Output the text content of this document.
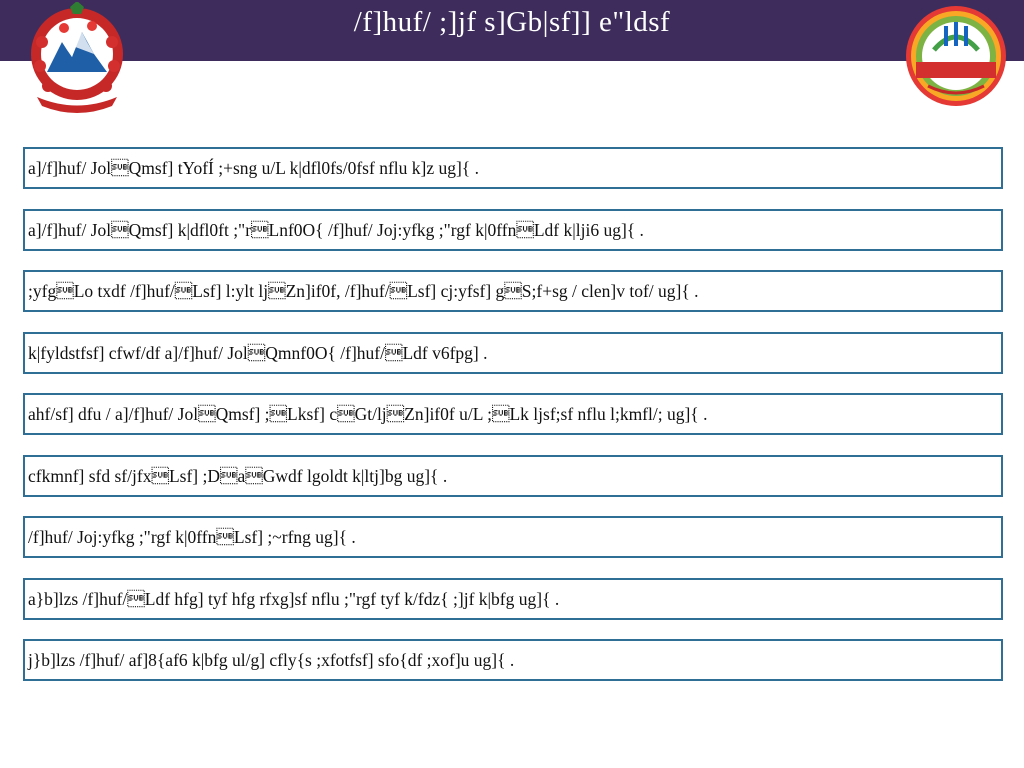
/f]huf/ ;]jf s]Gb|sf]] e"ldsf
a]/f]huf/ JolQmsf] tYofÍ ;+sng u/L k|dfl0fs/0fsf nflu k]z ug]{ .
a]/f]huf/ JolQmsf] k|dfl0ft ;"rLnf0O{ /f]huf/ Joj:yfkg ;"rgf k|0ffnLdf k|lji6 ug]{ .
;yfgLo txdf /f]huf/Lsf] l:ylt ljZn]if0f, /f]huf/Lsf] cj:yfsf] gS;f+sg / clen]v tof/ ug]{ .
k|fyldstfsf] cfwf/df a]/f]huf/ JolQmnf0O{ /f]huf/Ldf v6fpg] .
ahf/sf] dfu / a]/f]huf/ JolQmsf] ;Lksf] cGt/ljZn]if0f u/L ;Lk ljsf;sf nflu l;kmfl/; ug]{ .
cfkmnf] sfd sf/jfxLsf] ;DaGwdf lgoldt k|ltj]bg ug]{ .
/f]huf/ Joj:yfkg ;"rgf k|0ffnLsf] ;~rfng ug]{ .
a}b]lzs /f]huf/Ldf hfg] tyf hfg rfxg]sf nflu ;"rgf tyf k/fdz{ ;]jf k|bfg ug]{ .
j}b]lzs /f]huf/ af]8{af6 k|bfg ul/g] cfly{s ;xfotfsf] sfo{df ;xof]u ug]{ .
